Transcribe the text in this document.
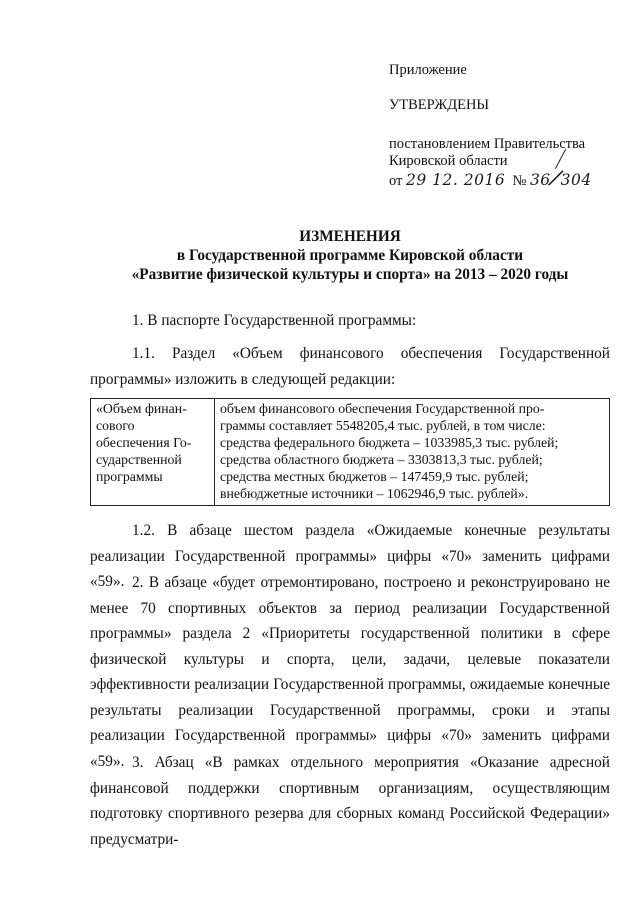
Приложение
УТВЕРЖДЕНЫ
постановлением Правительства
Кировской области
от 29 12. 2016 № 36/304
ИЗМЕНЕНИЯ
в Государственной программе Кировской области
«Развитие физической культуры и спорта» на 2013 – 2020 годы

1. В паспорте Государственной программы:

1.1. Раздел «Объем финансового обеспечения Государственной программы» изложить в следующей редакции:

«Объем финан-
сового
обеспечения Го-
сударственной
программы

объем финансового обеспечения Государственной про-
граммы составляет 5548205,4 тыс. рублей, в том числе:
средства федерального бюджета – 1033985,3 тыс. рублей;
средства областного бюджета – 3303813,3 тыс. рублей;
средства местных бюджетов – 147459,9 тыс. рублей;
внебюджетные источники – 1062946,9 тыс. рублей».

1.2. В абзаце шестом раздела «Ожидаемые конечные результаты реализации Государственной программы» цифры «70» заменить цифрами «59». 2. В абзаце «будет отремонтировано, построено и реконструировано не менее 70 спортивных объектов за период реализации Государственной программы» раздела 2 «Приоритеты государственной политики в сфере физической культуры и спорта, цели, задачи, целевые показатели эффективности реализации Государственной программы, ожидаемые конечные результаты реализации Государственной программы, сроки и этапы реализации Государственной программы» цифры «70» заменить цифрами «59». 3. Абзац «В рамках отдельного мероприятия «Оказание адресной финансовой поддержки спортивным организациям, осуществляющим подготовку спортивного резерва для сборных команд Российской Федерации» предусматри-
